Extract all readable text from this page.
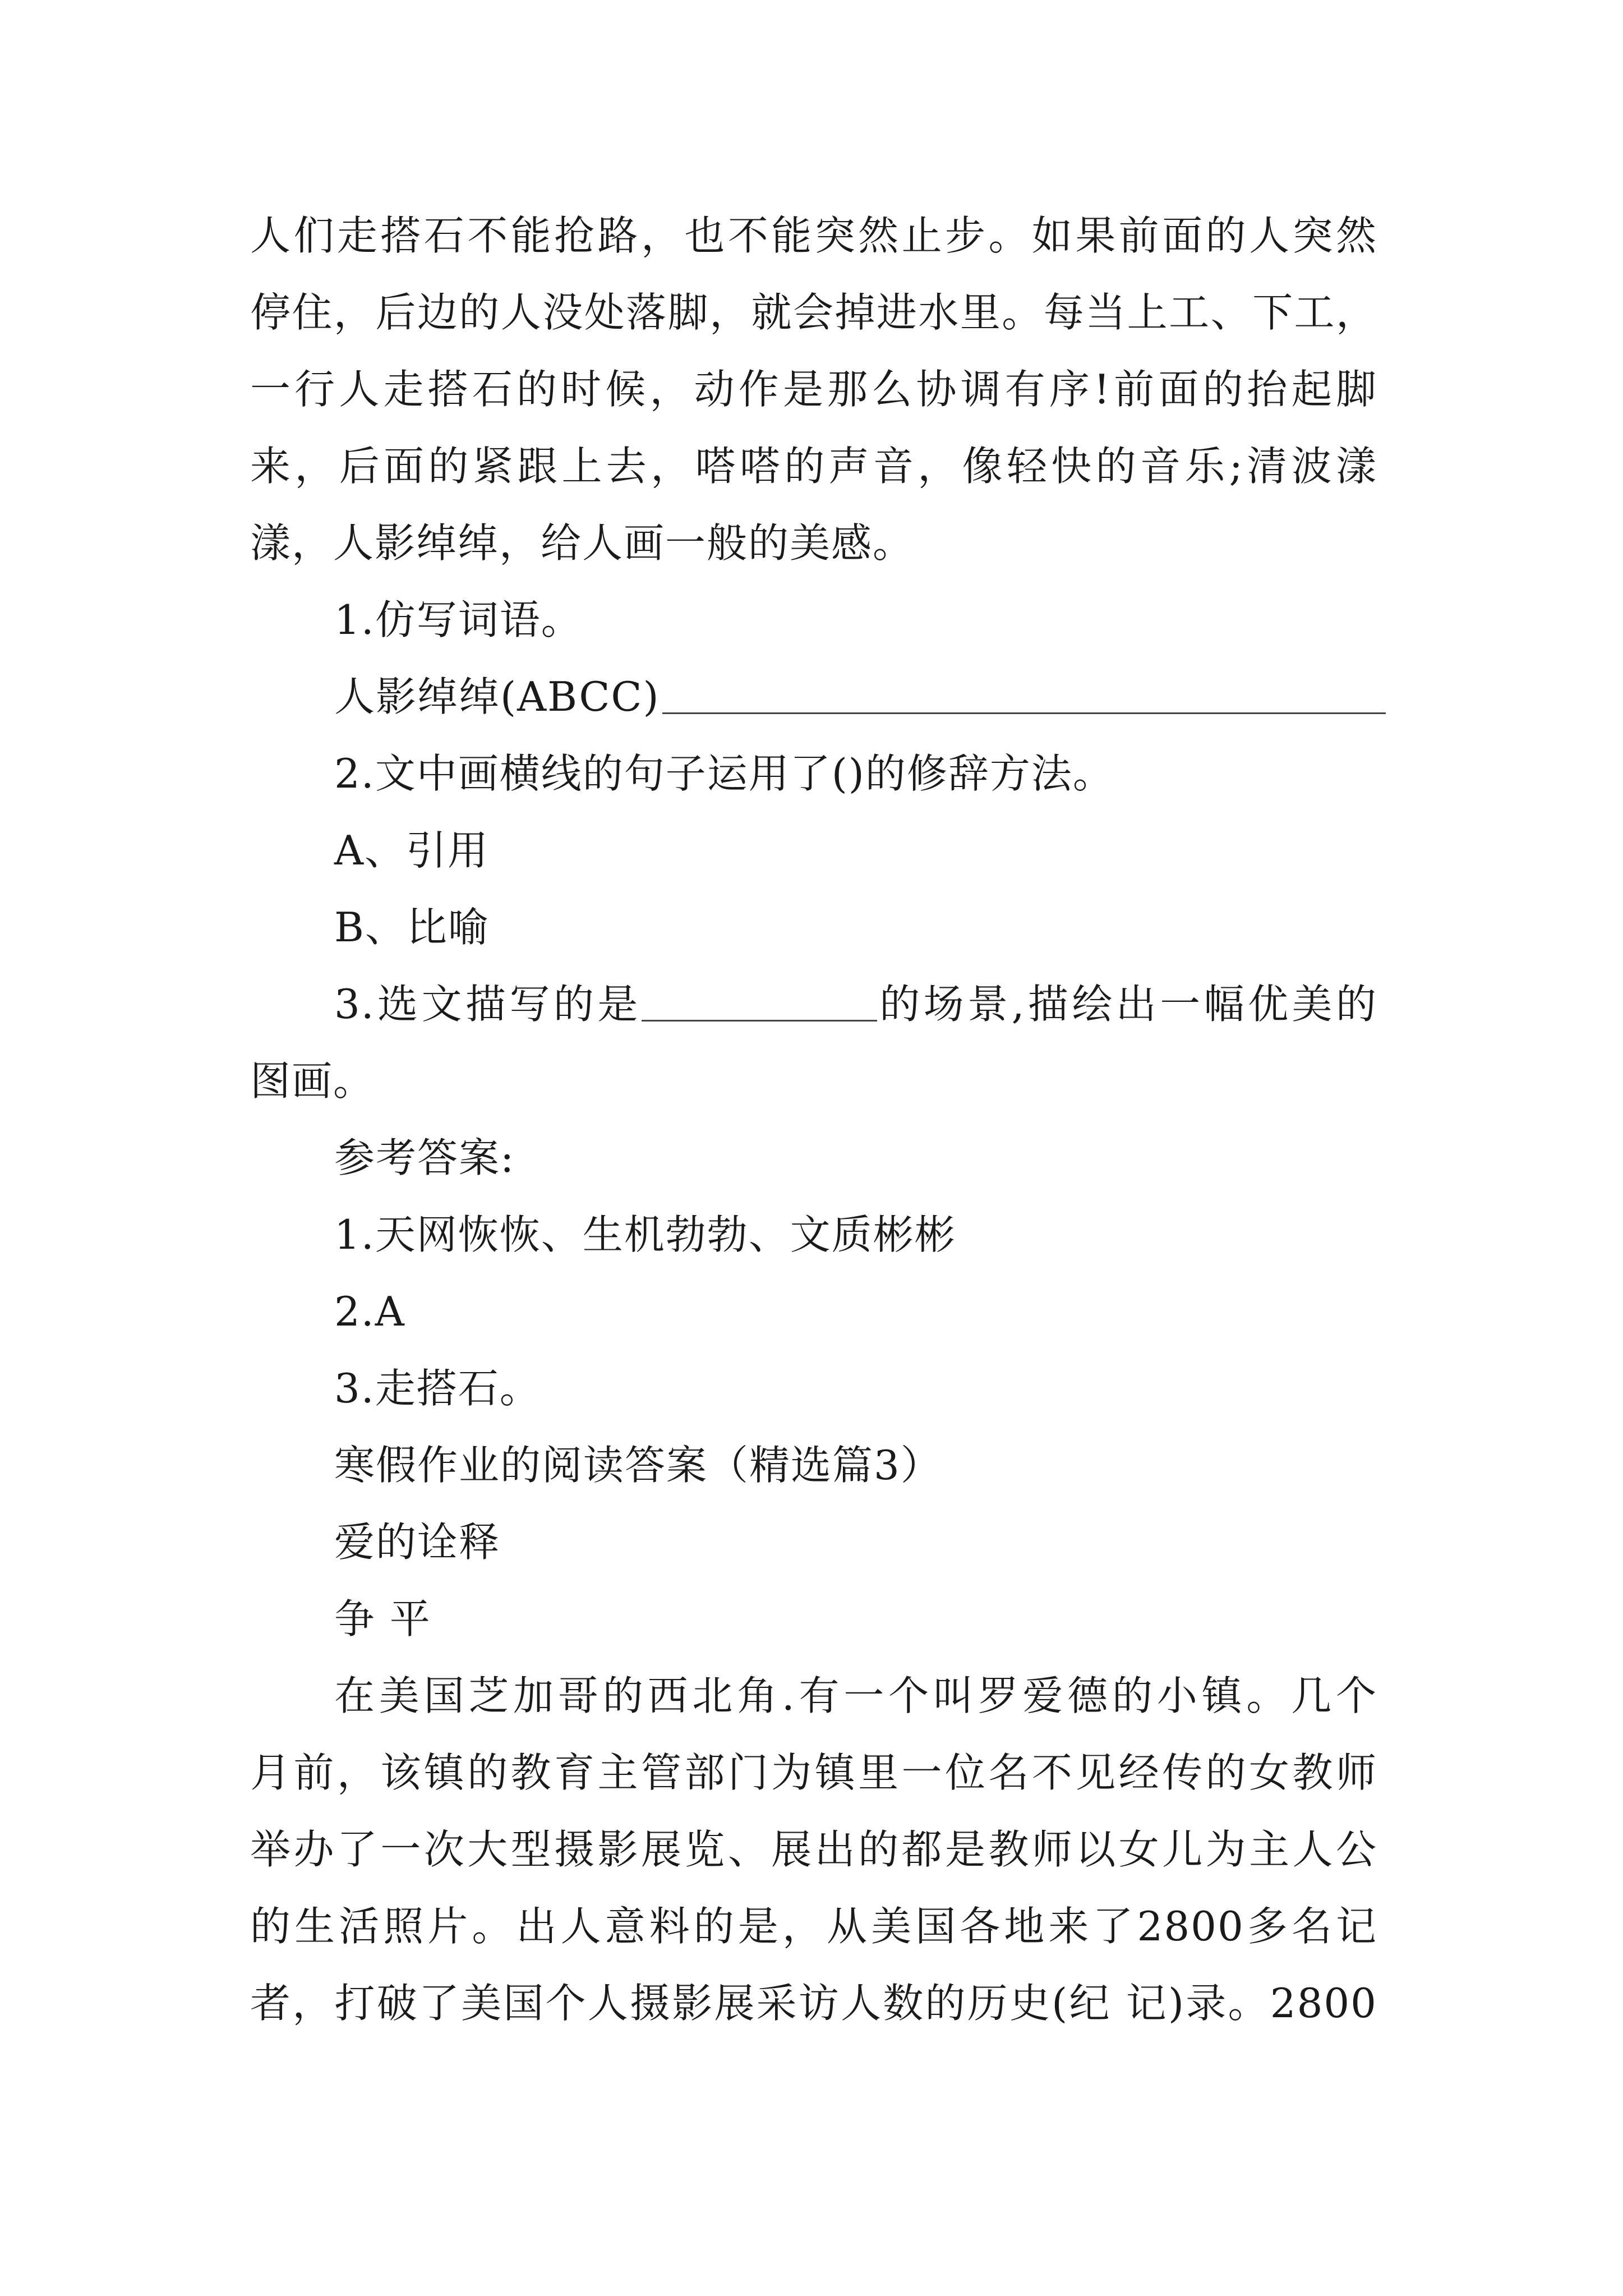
人们走搭石不能抢路，也不能突然止步。如果前面的人突然
停住，后边的人没处落脚，就会掉进水里。每当上工、下工，
一行人走搭石的时候，动作是那么协调有序!前面的抬起脚
来，后面的紧跟上去，嗒嗒的声音，像轻快的音乐;清波漾
漾，人影绰绰，给人画一般的美感。
1.仿写词语。
人影绰绰(ABCC)
2.文中画横线的句子运用了()的修辞方法。
A、引用
B、比喻
3.选文描写的是	的场景,描绘出一幅优美的
图画。
参考答案:
1.天网恢恢、生机勃勃、文质彬彬
2.A
3.走搭石。
寒假作业的阅读答案（精选篇3）
爱的诠释
争 平
在美国芝加哥的西北角.有一个叫罗爱德的小镇。几个
月前，该镇的教育主管部门为镇里一位名不见经传的女教师
举办了一次大型摄影展览、展出的都是教师以女儿为主人公
的生活照片。出人意料的是，从美国各地来了2800多名记
者，打破了美国个人摄影展采访人数的历史(纪 记)录。2800
